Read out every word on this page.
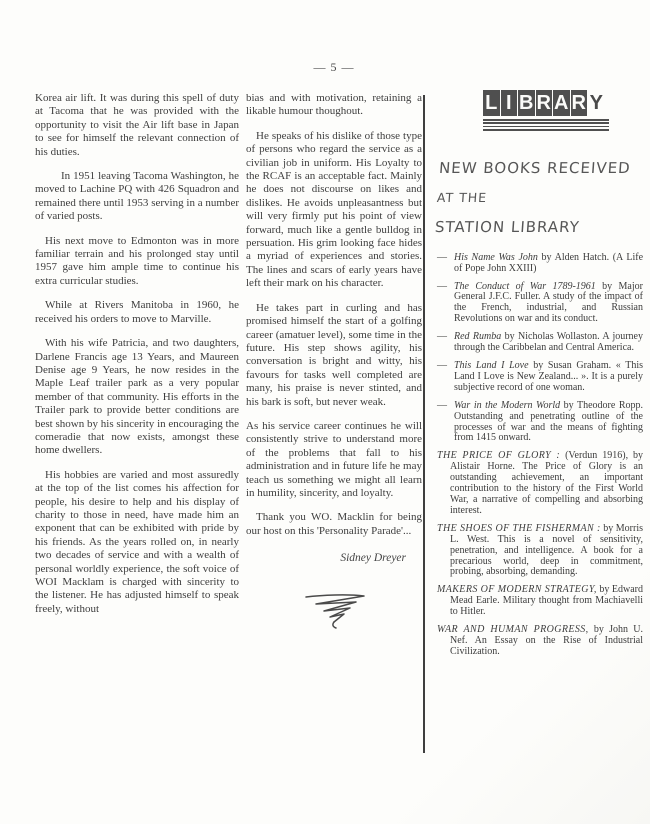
— 5 —

Korea air lift. It was during this spell of duty at Tacoma that he was provided with the opportunity to visit the Air lift base in Japan to see for himself the relevant connection of his duties.

In 1951 leaving Tacoma Washington, he moved to Lachine PQ with 426 Squadron and remained there until 1953 serving in a number of varied posts.

His next move to Edmonton was in more familiar terrain and his prolonged stay until 1957 gave him ample time to continue his extra curricular studies.

While at Rivers Manitoba in 1960, he received his orders to move to Marville.

With his wife Patricia, and two daughters, Darlene Francis age 13 Years, and Maureen Denise age 9 Years, he now resides in the Maple Leaf trailer park as a very popular member of that community. His efforts in the Trailer park to provide better conditions are best shown by his sincerity in encouraging the comeradie that now exists, amongst these home dwellers.

His hobbies are varied and most assuredly at the top of the list comes his affection for people, his desire to help and his display of charity to those in need, have made him an exponent that can be exhibited with pride by his friends. As the years rolled on, in nearly two decades of service and with a wealth of personal worldly experience, the soft voice of WOI Macklam is charged with sincerity to the listener. He has adjusted himself to speak freely, without

bias and with motivation, retaining a likable humour thoughout.

He speaks of his dislike of those type of persons who regard the service as a civilian job in uniform. His Loyalty to the RCAF is an acceptable fact. Mainly he does not discourse on likes and dislikes. He avoids unpleasantness but will very firmly put his point of view forward, much like a gentle bulldog in persuation. His grim looking face hides a myriad of experiences and stories. The lines and scars of early years have left their mark on his character.

He takes part in curling and has promised himself the start of a golfing career (amatuer level), some time in the future. His step shows agility, his conversation is bright and witty, his favours for tasks well completed are many, his praise is never stinted, and his bark is soft, but never weak.

As his service career continues he will consistently strive to understand more of the problems that fall to his administration and in future life he may teach us something we might all learn in humility, sincerity, and loyalty.

Thank you WO. Macklin for being our host on this 'Personality Parade'...

Sidney Dreyer
L I B R A R Y
NEW BOOKS RECEIVED
AT THE
STATION LIBRARY
— His Name Was John by Alden Hatch. (A Life of Pope John XXIII)
— The Conduct of War 1789-1961 by Major General J.F.C. Fuller. A study of the impact of the French, industrial, and Russian Revolutions on war and its conduct.
— Red Rumba by Nicholas Wollaston. A journey through the Caribbelan and Central America.
— This Land I Love by Susan Graham. « This Land I Love is New Zealand... ». It is a purely subjective record of one woman.
— War in the Modern World by Theodore Ropp. Outstanding and penetrating outline of the processes of war and the means of fighting from 1415 onward.
THE PRICE OF GLORY : (Verdun 1916), by Alistair Horne. The Price of Glory is an outstanding achievement, an important contribution to the history of the First World War, a narrative of compelling and absorbing interest.
THE SHOES OF THE FISHERMAN : by Morris L. West. This is a novel of sensitivity, penetration, and intelligence. A book for a precarious world, deep in commitment, probing, absorbing, demanding.
MAKERS OF MODERN STRATEGY, by Edward Mead Earle. Military thought from Machiavelli to Hitler.
WAR AND HUMAN PROGRESS, by John U. Nef. An Essay on the Rise of Industrial Civilization.
